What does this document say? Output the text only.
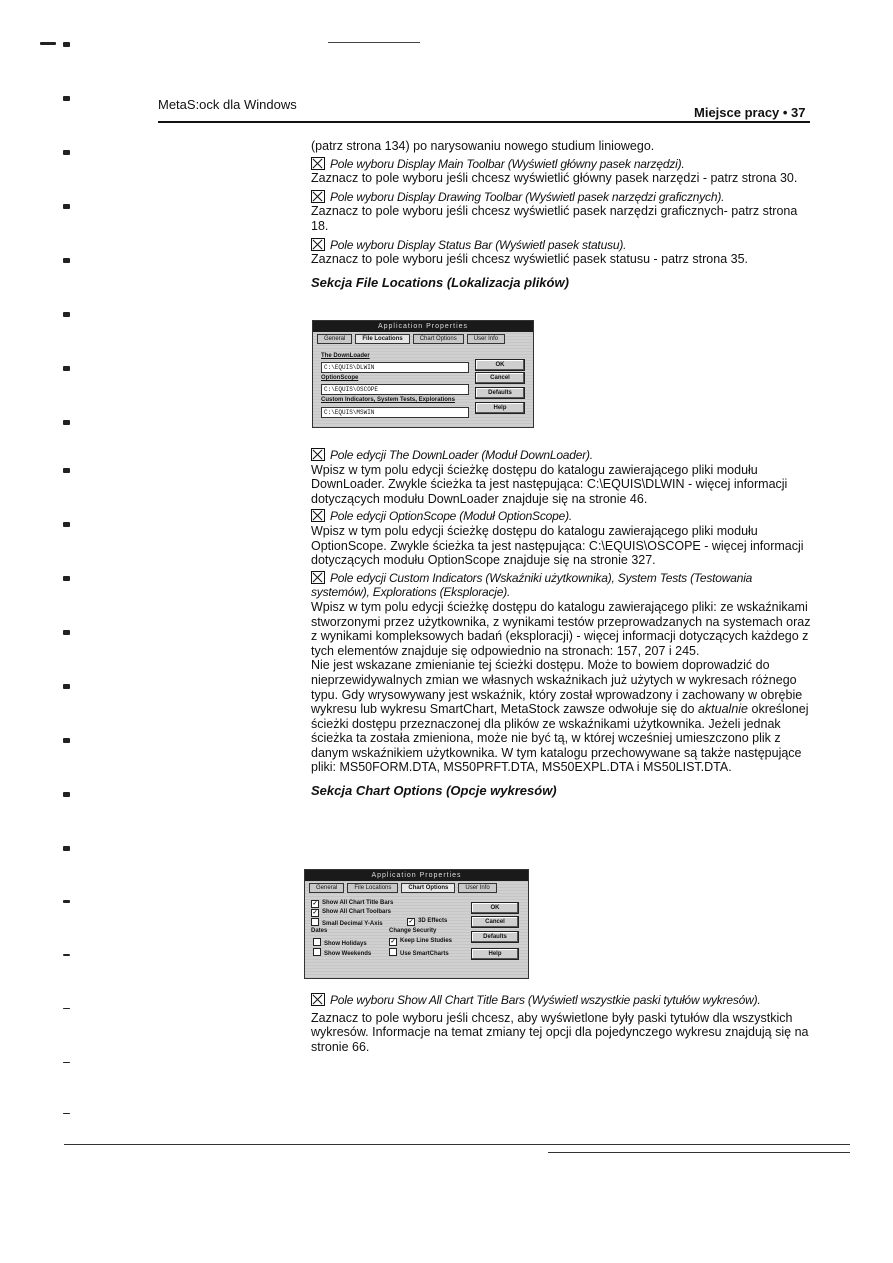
MetaS:ock dla Windows
Miejsce pracy • 37

(patrz strona 134) po narysowaniu nowego studium liniowego.

Pole wyboru Display Main Toolbar (Wyświetl główny pasek narzędzi).

Zaznacz to pole wyboru jeśli chcesz wyświetlić główny pasek narzędzi - patrz strona 30.

Pole wyboru Display Drawing Toolbar (Wyświetl pasek narzędzi graficznych).

Zaznacz to pole wyboru jeśli chcesz wyświetlić pasek narzędzi graficznych- patrz strona 18.

Pole wyboru Display Status Bar (Wyświetl pasek statusu).

Zaznacz to pole wyboru jeśli chcesz wyświetlić pasek statusu - patrz strona 35.

Sekcja File Locations (Lokalizacja plików)

Application Properties
General	File Locations	Chart Options	User Info
The DownLoader
C:\EQUIS\DLWIN
OptionScope
C:\EQUIS\OSCOPE
Custom Indicators, System Tests, Explorations
C:\EQUIS\MSWIN
OK
Cancel
Defaults
Help

Pole edycji The DownLoader (Moduł DownLoader).

Wpisz w tym polu edycji ścieżkę dostępu do katalogu zawierającego pliki modułu DownLoader. Zwykle ścieżka ta jest następująca: C:\EQUIS\DLWIN - więcej informacji dotyczących modułu DownLoader znajduje się na stronie 46.

Pole edycji OptionScope (Moduł OptionScope).

Wpisz w tym polu edycji ścieżkę dostępu do katalogu zawierającego pliki modułu OptionScope. Zwykle ścieżka ta jest następująca: C:\EQUIS\OSCOPE - więcej informacji dotyczących modułu OptionScope znajduje się na stronie 327.

Pole edycji Custom Indicators (Wskaźniki użytkownika), System Tests (Testowania systemów), Explorations (Eksploracje).

Wpisz w tym polu edycji ścieżkę dostępu do katalogu zawierającego pliki: ze wskaźnikami stworzonymi przez użytkownika, z wynikami testów przeprowadzanych na systemach oraz z wynikami kompleksowych badań (eksploracji) - więcej informacji dotyczących każdego z tych elementów znajduje się odpowiednio na stronach: 157, 207 i 245.

Nie jest wskazane zmienianie tej ścieżki dostępu. Może to bowiem doprowadzić do nieprzewidywalnych zmian we własnych wskaźnikach już użytych w wykresach różnego typu. Gdy wrysowywany jest wskaźnik, który został wprowadzony i zachowany w obrębie wykresu lub wykresu SmartChart, MetaStock zawsze odwołuje się do aktualnie określonej ścieżki dostępu przeznaczonej dla plików ze wskaźnikami użytkownika. Jeżeli jednak ścieżka ta została zmieniona, może nie być tą, w której wcześniej umieszczono plik z danym wskaźnikiem użytkownika. W tym katalogu przechowywane są także następujące pliki: MS50FORM.DTA, MS50PRFT.DTA, MS50EXPL.DTA i MS50LIST.DTA.

Sekcja Chart Options (Opcje wykresów)

Application Properties
General	File Locations	Chart Options	User Info
✓ Show All Chart Title Bars
✓ Show All Chart Toolbars
Small Decimal Y-Axis	✓ 3D Effects
Dates	Change Security
Show Holidays	✓ Keep Line Studies
Show Weekends	Use SmartCharts
OK
Cancel
Defaults
Help

Pole wyboru Show All Chart Title Bars (Wyświetl wszystkie paski tytułów wykresów).

Zaznacz to pole wyboru jeśli chcesz, aby wyświetlone były paski tytułów dla wszystkich wykresów. Informacje na temat zmiany tej opcji dla pojedynczego wykresu znajdują się na stronie 66.
